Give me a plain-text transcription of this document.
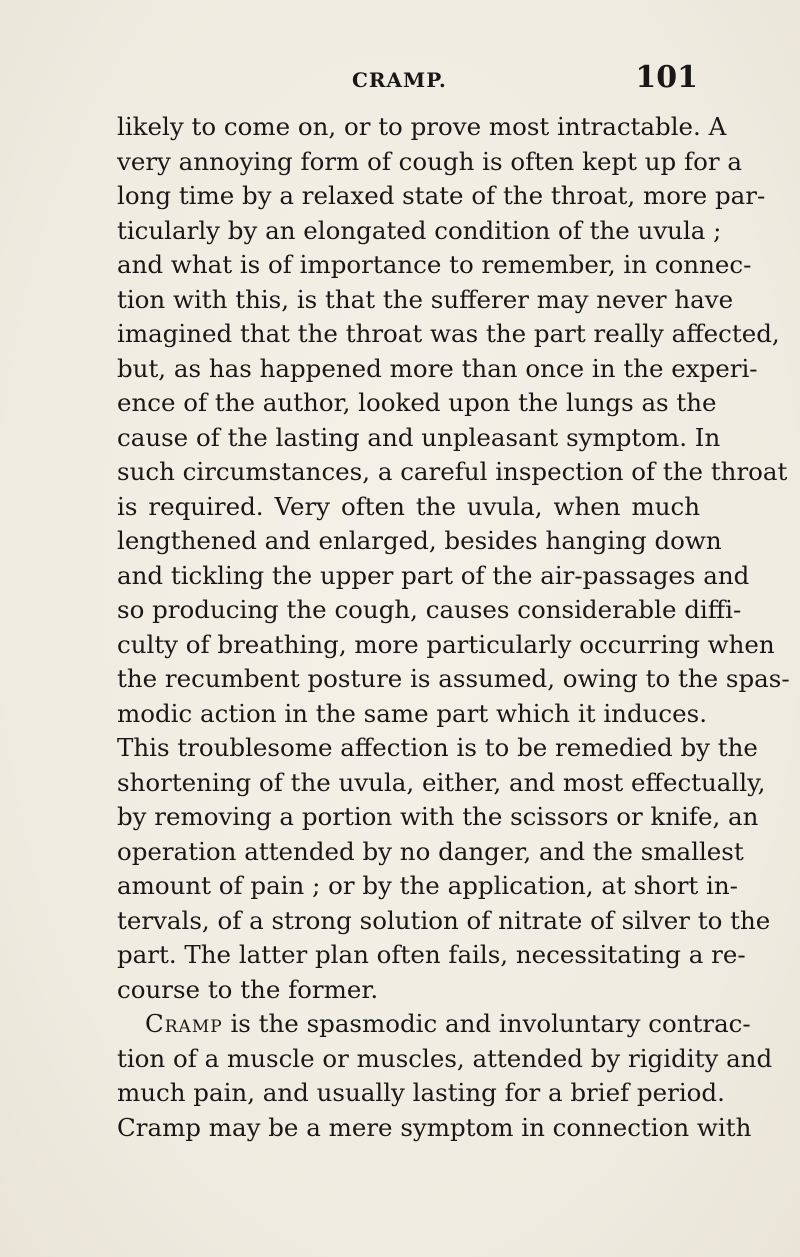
CRAMP.	101
likely to come on, or to prove most intractable. A
very annoying form of cough is often kept up for a
long time by a relaxed state of the throat, more par-
ticularly by an elongated condition of the uvula ;
and what is of importance to remember, in connec-
tion with this, is that the sufferer may never have
imagined that the throat was the part really affected,
but, as has happened more than once in the experi-
ence of the author, looked upon the lungs as the
cause of the lasting and unpleasant symptom. In
such circumstances, a careful inspection of the throat
is required. Very often the uvula, when much
lengthened and enlarged, besides hanging down
and tickling the upper part of the air-passages and
so producing the cough, causes considerable diffi-
culty of breathing, more particularly occurring when
the recumbent posture is assumed, owing to the spas-
modic action in the same part which it induces.
This troublesome affection is to be remedied by the
shortening of the uvula, either, and most effectually,
by removing a portion with the scissors or knife, an
operation attended by no danger, and the smallest
amount of pain ; or by the application, at short in-
tervals, of a strong solution of nitrate of silver to the
part. The latter plan often fails, necessitating a re-
course to the former.
Cramp is the spasmodic and involuntary contrac-
tion of a muscle or muscles, attended by rigidity and
much pain, and usually lasting for a brief period.
Cramp may be a mere symptom in connection with
